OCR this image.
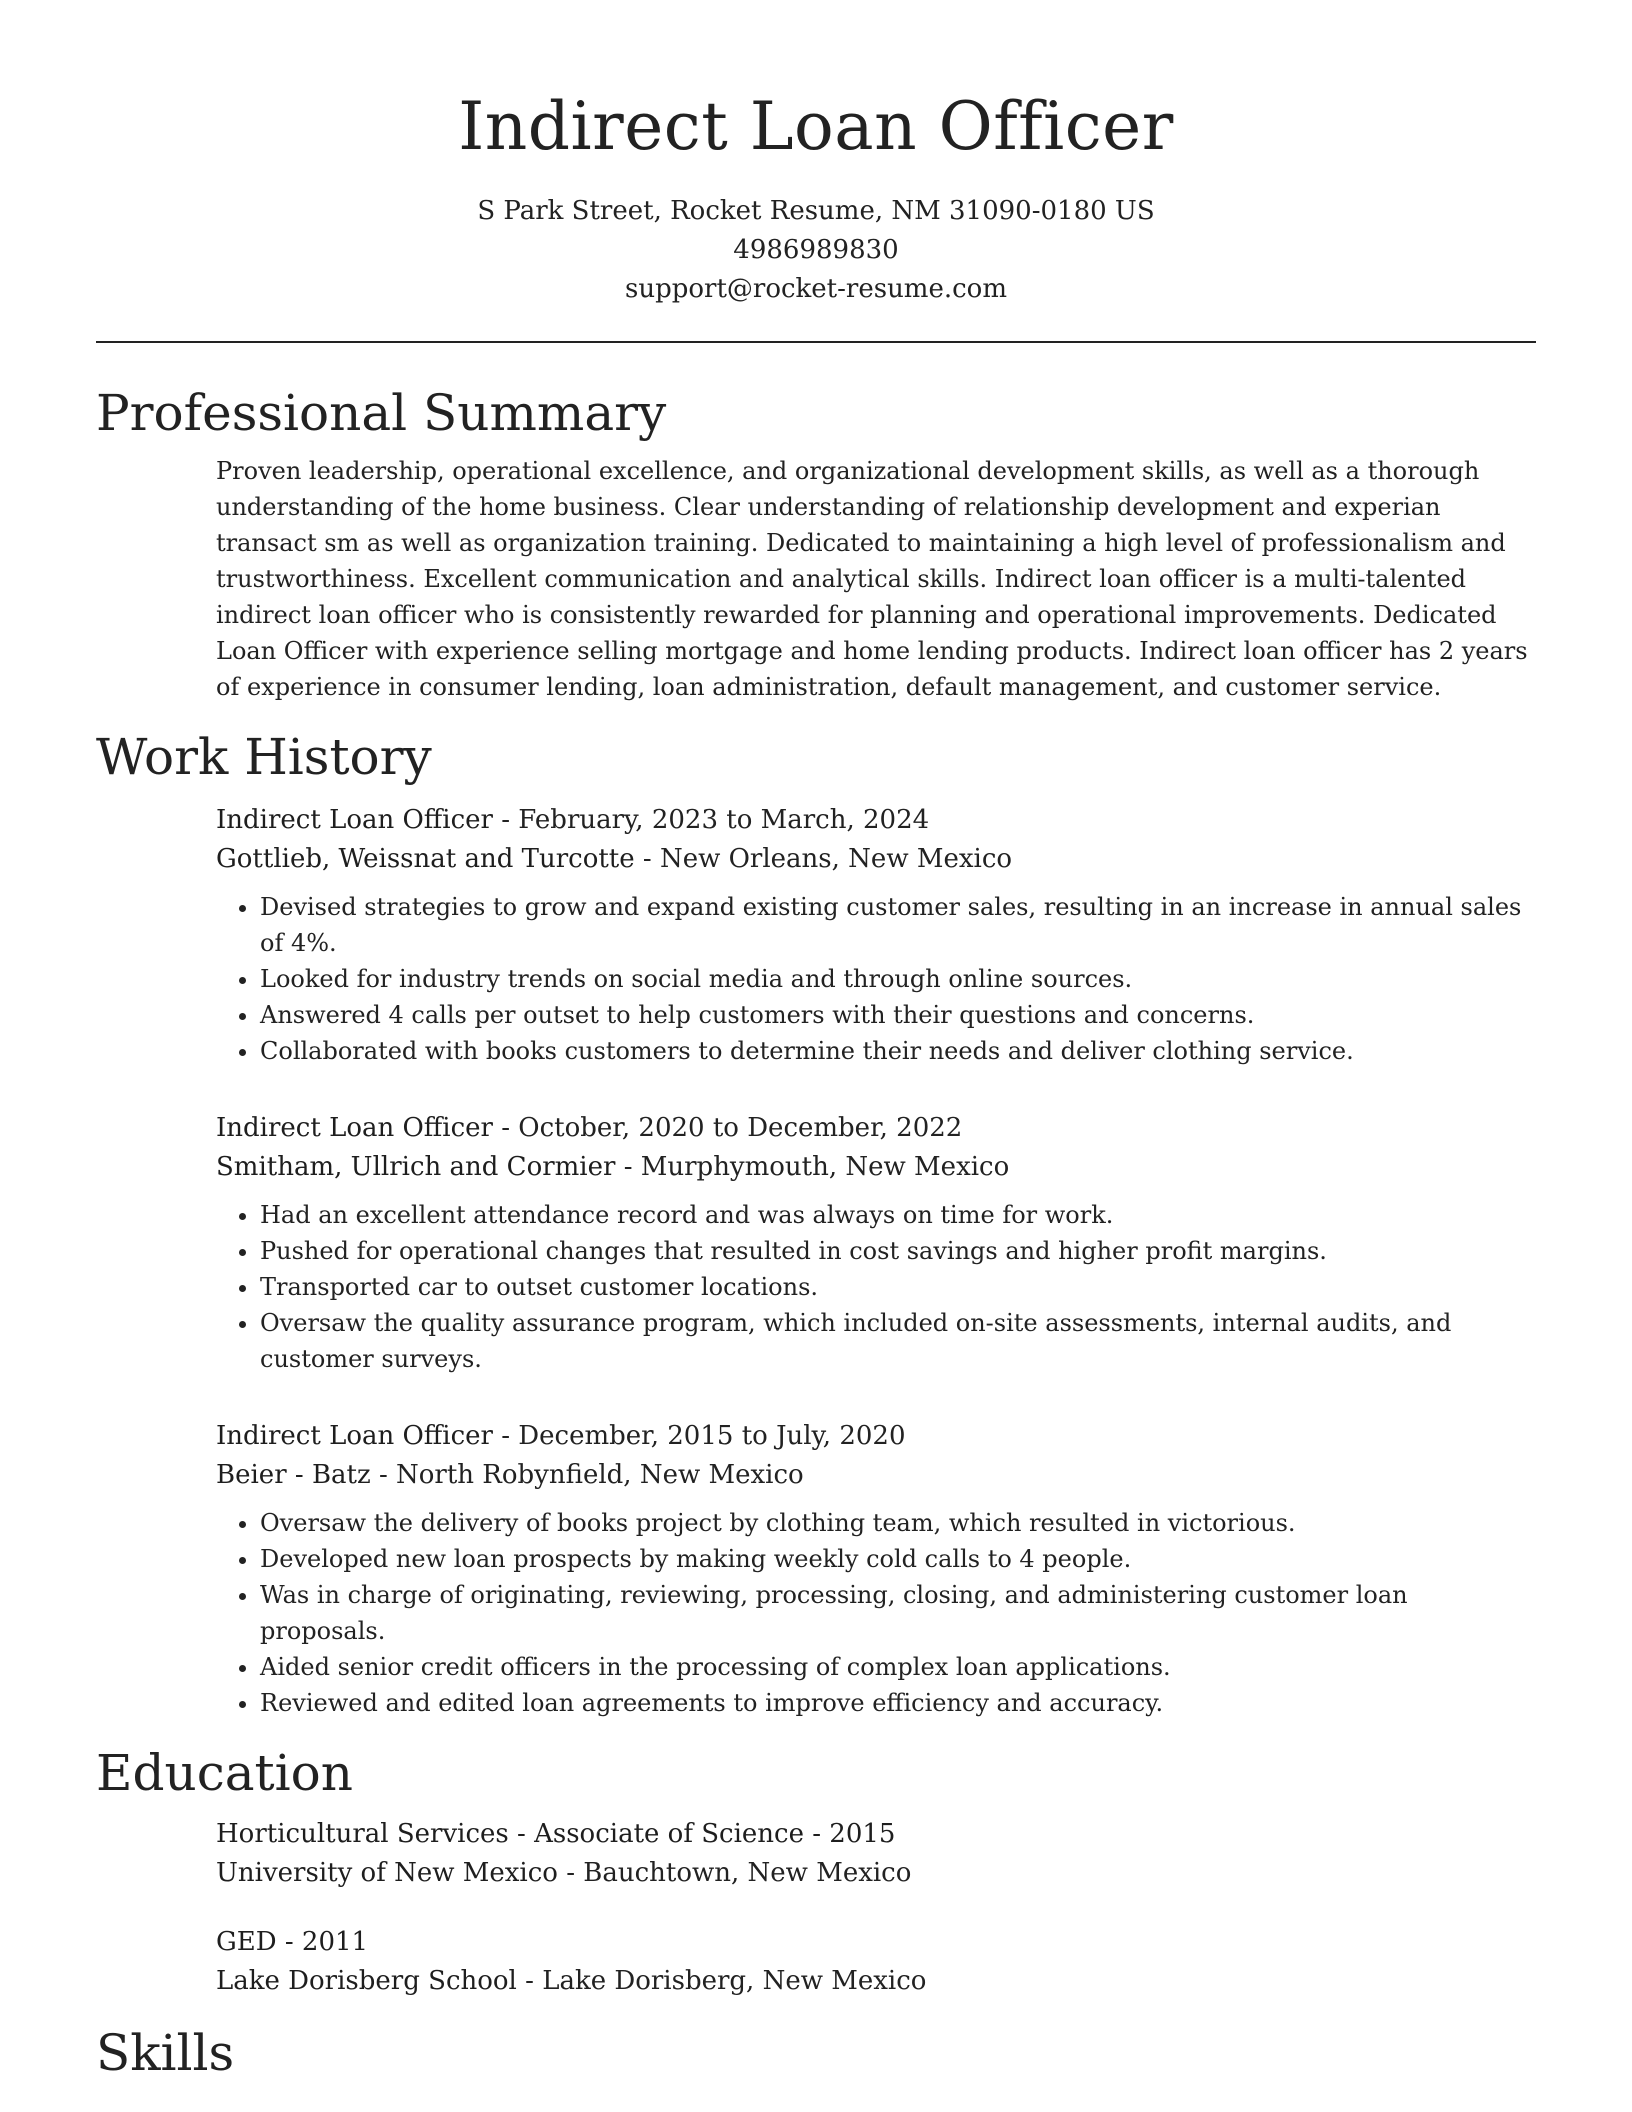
Indirect Loan Officer
S Park Street, Rocket Resume, NM 31090-0180 US
4986989830
support@rocket-resume.com
Professional Summary

Proven leadership, operational excellence, and organizational development skills, as well as a thorough understanding of the home business. Clear understanding of relationship development and experian transact sm as well as organization training. Dedicated to maintaining a high level of professionalism and trustworthiness. Excellent communication and analytical skills. Indirect loan officer is a multi-talented indirect loan officer who is consistently rewarded for planning and operational improvements. Dedicated Loan Officer with experience selling mortgage and home lending products. Indirect loan officer has 2 years of experience in consumer lending, loan administration, default management, and customer service.

Work History
Indirect Loan Officer - February, 2023 to March, 2024
Gottlieb, Weissnat and Turcotte - New Orleans, New Mexico
• Devised strategies to grow and expand existing customer sales, resulting in an increase in annual sales of 4%.
• Looked for industry trends on social media and through online sources.
• Answered 4 calls per outset to help customers with their questions and concerns.
• Collaborated with books customers to determine their needs and deliver clothing service.
Indirect Loan Officer - October, 2020 to December, 2022
Smitham, Ullrich and Cormier - Murphymouth, New Mexico
• Had an excellent attendance record and was always on time for work.
• Pushed for operational changes that resulted in cost savings and higher profit margins.
• Transported car to outset customer locations.
• Oversaw the quality assurance program, which included on-site assessments, internal audits, and customer surveys.
Indirect Loan Officer - December, 2015 to July, 2020
Beier - Batz - North Robynfield, New Mexico
• Oversaw the delivery of books project by clothing team, which resulted in victorious.
• Developed new loan prospects by making weekly cold calls to 4 people.
• Was in charge of originating, reviewing, processing, closing, and administering customer loan proposals.
• Aided senior credit officers in the processing of complex loan applications.
• Reviewed and edited loan agreements to improve efficiency and accuracy.
Education
Horticultural Services - Associate of Science - 2015
University of New Mexico - Bauchtown, New Mexico
GED - 2011
Lake Dorisberg School - Lake Dorisberg, New Mexico
Skills
